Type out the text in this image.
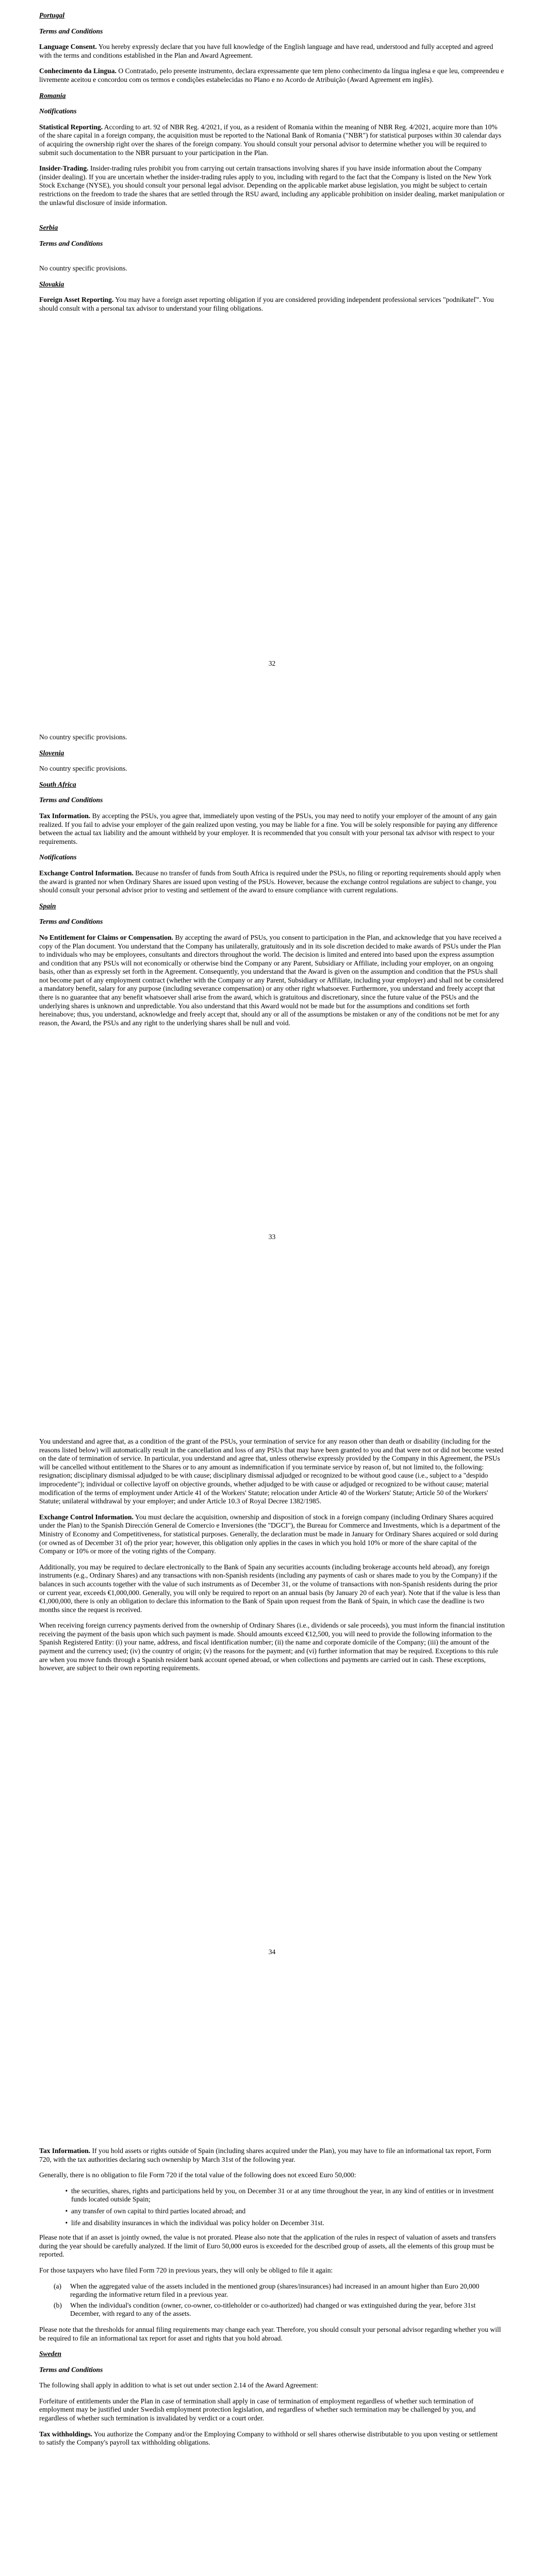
Portugal
Terms and Conditions

Language Consent. You hereby expressly declare that you have full knowledge of the English language and have read, understood and fully accepted and agreed with the terms and conditions established in the Plan and Award Agreement.

Conhecimento da Lingua. O Contratado, pelo presente instrumento, declara expressamente que tem pleno conhecimento da língua inglesa e que leu, compreendeu e livremente aceitou e concordou com os termos e condições estabelecidas no Plano e no Acordo de Atribuição (Award Agreement em inglês).

Romania
Notifications

Statistical Reporting. According to art. 92 of NBR Reg. 4/2021, if you, as a resident of Romania within the meaning of NBR Reg. 4/2021, acquire more than 10% of the share capital in a foreign company, the acquisition must be reported to the National Bank of Romania ("NBR") for statistical purposes within 30 calendar days of acquiring the ownership right over the shares of the foreign company. You should consult your personal advisor to determine whether you will be required to submit such documentation to the NBR pursuant to your participation in the Plan.

Insider-Trading. Insider-trading rules prohibit you from carrying out certain transactions involving shares if you have inside information about the Company (insider dealing). If you are uncertain whether the insider-trading rules apply to you, including with regard to the fact that the Company is listed on the New York Stock Exchange (NYSE), you should consult your personal legal advisor. Depending on the applicable market abuse legislation, you might be subject to certain restrictions on the freedom to trade the shares that are settled through the RSU award, including any applicable prohibition on insider dealing, market manipulation or the unlawful disclosure of inside information.

Serbia
Terms and Conditions

No country specific provisions.

Slovakia

Foreign Asset Reporting. You may have a foreign asset reporting obligation if you are considered providing independent professional services "podnikateľ". You should consult with a personal tax advisor to understand your filing obligations.

32

No country specific provisions.

Slovenia

No country specific provisions.

South Africa
Terms and Conditions

Tax Information. By accepting the PSUs, you agree that, immediately upon vesting of the PSUs, you may need to notify your employer of the amount of any gain realized. If you fail to advise your employer of the gain realized upon vesting, you may be liable for a fine. You will be solely responsible for paying any difference between the actual tax liability and the amount withheld by your employer. It is recommended that you consult with your personal tax advisor with respect to your requirements.

Notifications

Exchange Control Information. Because no transfer of funds from South Africa is required under the PSUs, no filing or reporting requirements should apply when the award is granted nor when Ordinary Shares are issued upon vesting of the PSUs. However, because the exchange control regulations are subject to change, you should consult your personal advisor prior to vesting and settlement of the award to ensure compliance with current regulations.

Spain
Terms and Conditions

No Entitlement for Claims or Compensation. By accepting the award of PSUs, you consent to participation in the Plan, and acknowledge that you have received a copy of the Plan document. You understand that the Company has unilaterally, gratuitously and in its sole discretion decided to make awards of PSUs under the Plan to individuals who may be employees, consultants and directors throughout the world. The decision is limited and entered into based upon the express assumption and condition that any PSUs will not economically or otherwise bind the Company or any Parent, Subsidiary or Affiliate, including your employer, on an ongoing basis, other than as expressly set forth in the Agreement. Consequently, you understand that the Award is given on the assumption and condition that the PSUs shall not become part of any employment contract (whether with the Company or any Parent, Subsidiary or Affiliate, including your employer) and shall not be considered a mandatory benefit, salary for any purpose (including severance compensation) or any other right whatsoever. Furthermore, you understand and freely accept that there is no guarantee that any benefit whatsoever shall arise from the award, which is gratuitous and discretionary, since the future value of the PSUs and the underlying shares is unknown and unpredictable. You also understand that this Award would not be made but for the assumptions and conditions set forth hereinabove; thus, you understand, acknowledge and freely accept that, should any or all of the assumptions be mistaken or any of the conditions not be met for any reason, the Award, the PSUs and any right to the underlying shares shall be null and void.

33

You understand and agree that, as a condition of the grant of the PSUs, your termination of service for any reason other than death or disability (including for the reasons listed below) will automatically result in the cancellation and loss of any PSUs that may have been granted to you and that were not or did not become vested on the date of termination of service. In particular, you understand and agree that, unless otherwise expressly provided by the Company in this Agreement, the PSUs will be cancelled without entitlement to the Shares or to any amount as indemnification if you terminate service by reason of, but not limited to, the following: resignation; disciplinary dismissal adjudged to be with cause; disciplinary dismissal adjudged or recognized to be without good cause (i.e., subject to a "despido improcedente"); individual or collective layoff on objective grounds, whether adjudged to be with cause or adjudged or recognized to be without cause; material modification of the terms of employment under Article 41 of the Workers' Statute; relocation under Article 40 of the Workers' Statute; Article 50 of the Workers' Statute; unilateral withdrawal by your employer; and under Article 10.3 of Royal Decree 1382/1985.

Exchange Control Information. You must declare the acquisition, ownership and disposition of stock in a foreign company (including Ordinary Shares acquired under the Plan) to the Spanish Dirección General de Comercio e Inversiones (the "DGCI"), the Bureau for Commerce and Investments, which is a department of the Ministry of Economy and Competitiveness, for statistical purposes. Generally, the declaration must be made in January for Ordinary Shares acquired or sold during (or owned as of December 31 of) the prior year; however, this obligation only applies in the cases in which you hold 10% or more of the share capital of the Company or 10% or more of the voting rights of the Company.

Additionally, you may be required to declare electronically to the Bank of Spain any securities accounts (including brokerage accounts held abroad), any foreign instruments (e.g., Ordinary Shares) and any transactions with non-Spanish residents (including any payments of cash or shares made to you by the Company) if the balances in such accounts together with the value of such instruments as of December 31, or the volume of transactions with non-Spanish residents during the prior or current year, exceeds €1,000,000. Generally, you will only be required to report on an annual basis (by January 20 of each year). Note that if the value is less than €1,000,000, there is only an obligation to declare this information to the Bank of Spain upon request from the Bank of Spain, in which case the deadline is two months since the request is received.

When receiving foreign currency payments derived from the ownership of Ordinary Shares (i.e., dividends or sale proceeds), you must inform the financial institution receiving the payment of the basis upon which such payment is made. Should amounts exceed €12,500, you will need to provide the following information to the Spanish Registered Entity: (i) your name, address, and fiscal identification number; (ii) the name and corporate domicile of the Company; (iii) the amount of the payment and the currency used; (iv) the country of origin; (v) the reasons for the payment; and (vi) further information that may be required. Exceptions to this rule are when you move funds through a Spanish resident bank account opened abroad, or when collections and payments are carried out in cash. These exceptions, however, are subject to their own reporting requirements.

34

Tax Information. If you hold assets or rights outside of Spain (including shares acquired under the Plan), you may have to file an informational tax report, Form 720, with the tax authorities declaring such ownership by March 31st of the following year.

Generally, there is no obligation to file Form 720 if the total value of the following does not exceed Euro 50,000:

• the securities, shares, rights and participations held by you, on December 31 or at any time throughout the year, in any kind of entities or in investment funds located outside Spain;
• any transfer of own capital to third parties located abroad; and
• life and disability insurances in which the individual was policy holder on December 31st.

Please note that if an asset is jointly owned, the value is not prorated. Please also note that the application of the rules in respect of valuation of assets and transfers during the year should be carefully analyzed. If the limit of Euro 50,000 euros is exceeded for the described group of assets, all the elements of this group must be reported.

For those taxpayers who have filed Form 720 in previous years, they will only be obliged to file it again:

(a)	When the aggregated value of the assets included in the mentioned group (shares/insurances) had increased in an amount higher than Euro 20,000 regarding the informative return filed in a previous year.
(b)	When the individual's condition (owner, co-owner, co-titleholder or co-authorized) had changed or was extinguished during the year, before 31st December, with regard to any of the assets.

Please note that the thresholds for annual filing requirements may change each year. Therefore, you should consult your personal advisor regarding whether you will be required to file an informational tax report for asset and rights that you hold abroad.

Sweden
Terms and Conditions

The following shall apply in addition to what is set out under section 2.14 of the Award Agreement:

Forfeiture of entitlements under the Plan in case of termination shall apply in case of termination of employment regardless of whether such termination of employment may be justified under Swedish employment protection legislation, and regardless of whether such termination may be challenged by you, and regardless of whether such termination is invalidated by verdict or a court order.

Tax withholdings. You authorize the Company and/or the Employing Company to withhold or sell shares otherwise distributable to you upon vesting or settlement to satisfy the Company's payroll tax withholding obligations.
